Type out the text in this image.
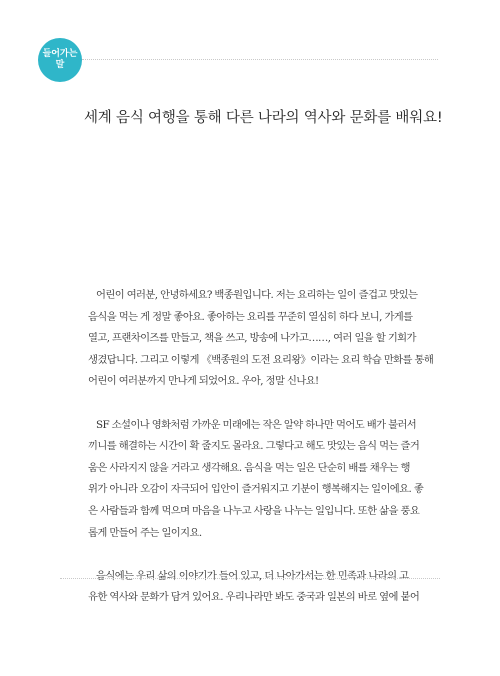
들어가는
말
세계 음식 여행을 통해 다른 나라의 역사와 문화를 배워요!

어린이 여러분, 안녕하세요? 백종원입니다. 저는 요리하는 일이 즐겁고 맛있는
음식을 먹는 게 정말 좋아요. 좋아하는 요리를 꾸준히 열심히 하다 보니, 가게를
열고, 프랜차이즈를 만들고, 책을 쓰고, 방송에 나가고……, 여러 일을 할 기회가
생겼답니다. 그리고 이렇게 《백종원의 도전 요리왕》이라는 요리 학습 만화를 통해
어린이 여러분까지 만나게 되었어요. 우아, 정말 신나요!

SF 소설이나 영화처럼 가까운 미래에는 작은 알약 하나만 먹어도 배가 불러서
끼니를 해결하는 시간이 확 줄지도 몰라요. 그렇다고 해도 맛있는 음식 먹는 즐거
움은 사라지지 않을 거라고 생각해요. 음식을 먹는 일은 단순히 배를 채우는 행
위가 아니라 오감이 자극되어 입안이 즐거워지고 기분이 행복해지는 일이에요. 좋
은 사람들과 함께 먹으며 마음을 나누고 사랑을 나누는 일입니다. 또한 삶을 풍요
롭게 만들어 주는 일이지요.

음식에는 우리 삶의 이야기가 들어 있고, 더 나아가서는 한 민족과 나라의 고
유한 역사와 문화가 담겨 있어요. 우리나라만 봐도 중국과 일본의 바로 옆에 붙어
